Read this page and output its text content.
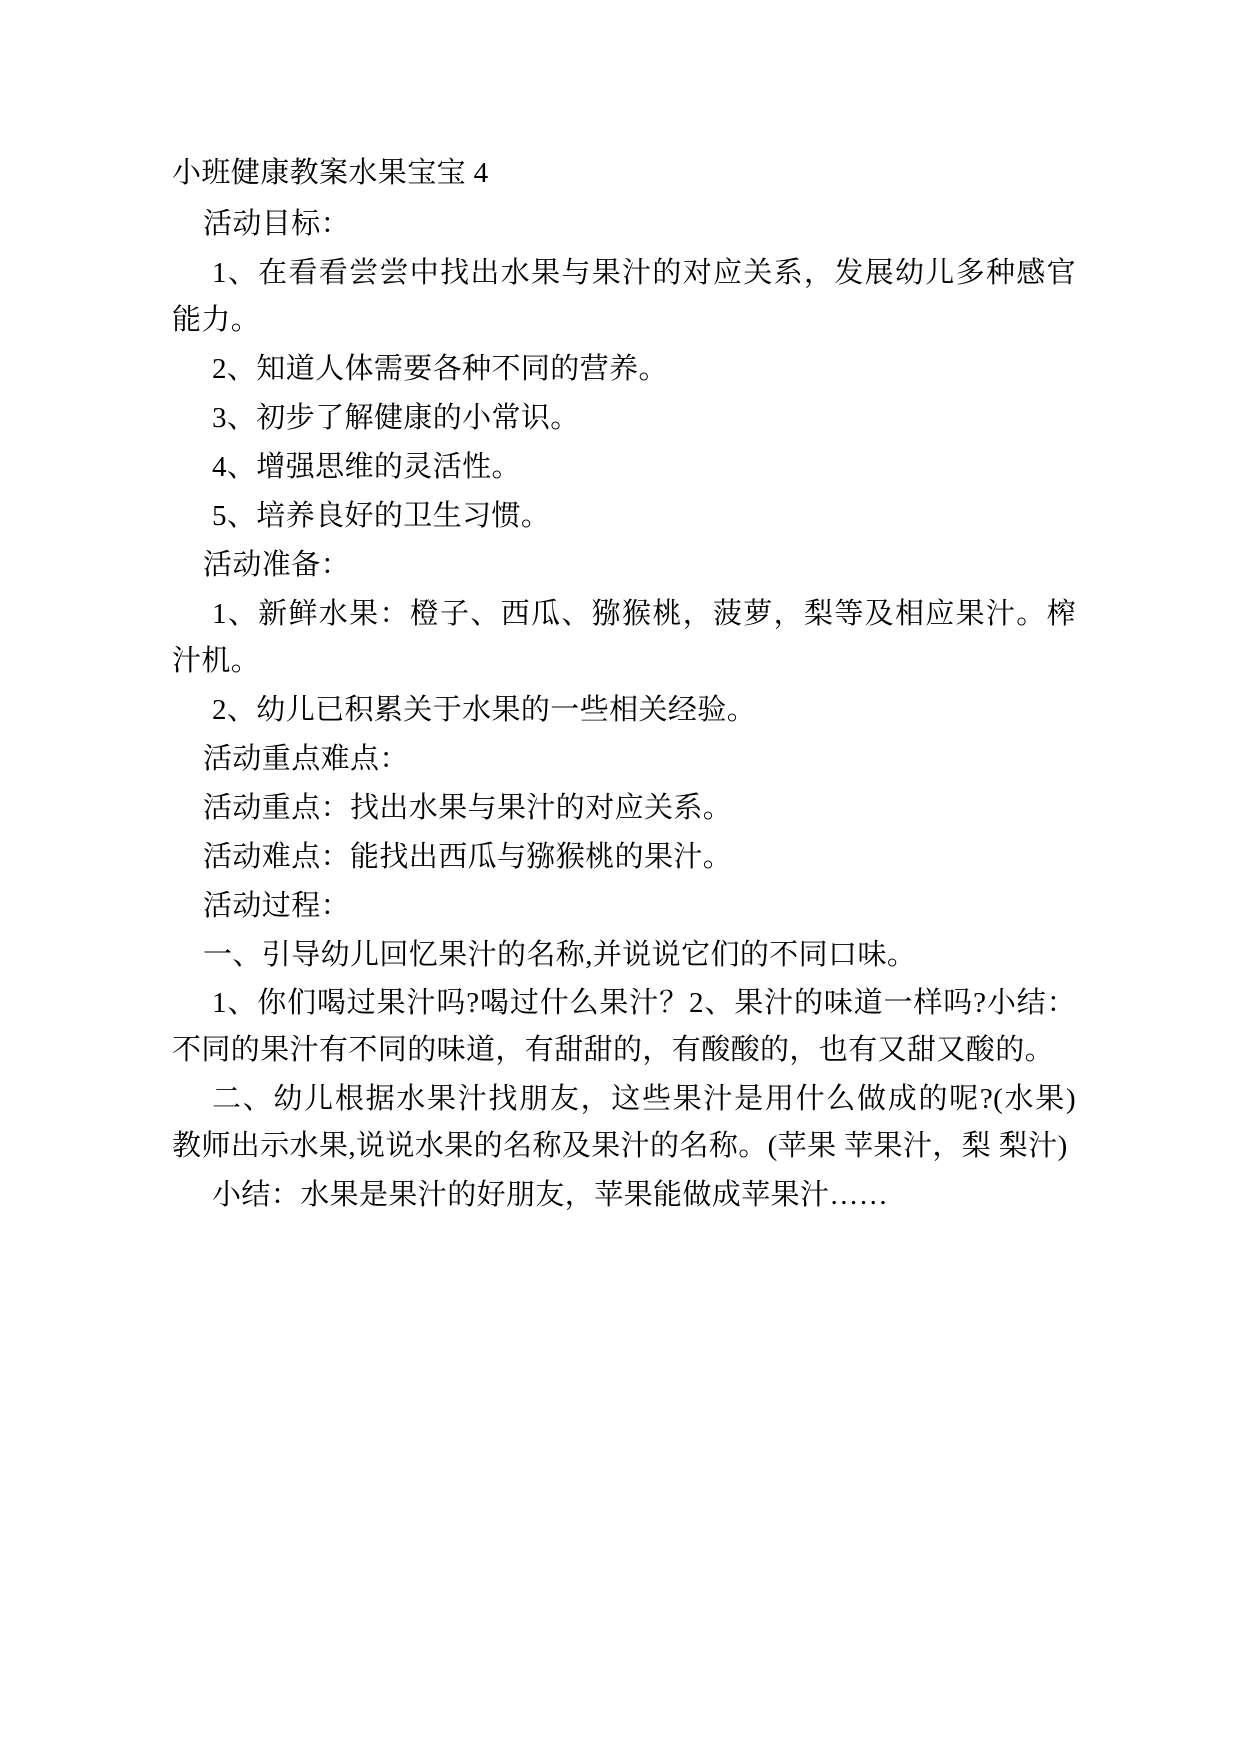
小班健康教案水果宝宝 4

活动目标：

1、在看看尝尝中找出水果与果汁的对应关系，发展幼儿多种感官能力。

2、知道人体需要各种不同的营养。

3、初步了解健康的小常识。

4、增强思维的灵活性。

5、培养良好的卫生习惯。

活动准备：

1、新鲜水果：橙子、西瓜、猕猴桃，菠萝，梨等及相应果汁。榨汁机。

2、幼儿已积累关于水果的一些相关经验。

活动重点难点：

活动重点：找出水果与果汁的对应关系。

活动难点：能找出西瓜与猕猴桃的果汁。

活动过程：

一、引导幼儿回忆果汁的名称,并说说它们的不同口味。

1、你们喝过果汁吗?喝过什么果汁？2、果汁的味道一样吗?小结：不同的果汁有不同的味道，有甜甜的，有酸酸的，也有又甜又酸的。

二、幼儿根据水果汁找朋友，这些果汁是用什么做成的呢?(水果) 教师出示水果,说说水果的名称及果汁的名称。(苹果 苹果汁，梨 梨汁)

小结：水果是果汁的好朋友，苹果能做成苹果汁……
